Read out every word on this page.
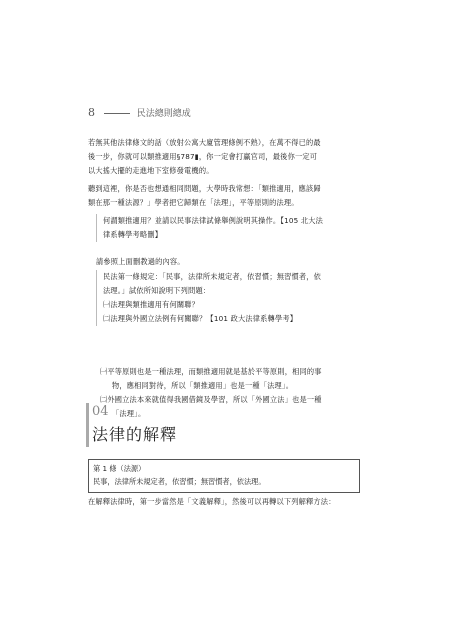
8	民法總則總成
若無其他法律條文的話（放射公寓大廈管理條例不熟），在萬不得已的最
後一步，你就可以類推適用§787▮，你一定會打贏官司，最後你一定可
以大搖大擺的走進地下室修發電機的。
聽到這裡，你是否也想通相同問題，大學時我常想：「類推適用，應該歸
類在那一種法源？」學者把它歸類在「法理」，平等原則的法理。
何謂類推適用？並請以民事法律試條舉例說明其操作。【105 北大法
律系轉學考略刪】
請參照上面刪教過的內容。
民法第一條規定：「民事，法律所未規定者，依習慣；無習慣者，依
法理。」試依所知說明下列問題：
㈠法理與類推適用有何關聯？
㈡法理與外國立法例有何關聯？【101 政大法律系轉學考】
㈠平等原則也是一種法理，而類推適用就是基於平等原則，相同的事
物，應相同對待，所以「類推適用」也是一種「法理」。
㈡外國立法本來就值得我國借鏡及學習，所以「外國立法」也是一種
「法理」。
04
法律的解釋
第 1 條（法源）
民事，法律所未規定者，依習慣；無習慣者，依法理。
在解釋法律時，第一步當然是「文義解釋」，然後可以再轉以下列解釋方法：
